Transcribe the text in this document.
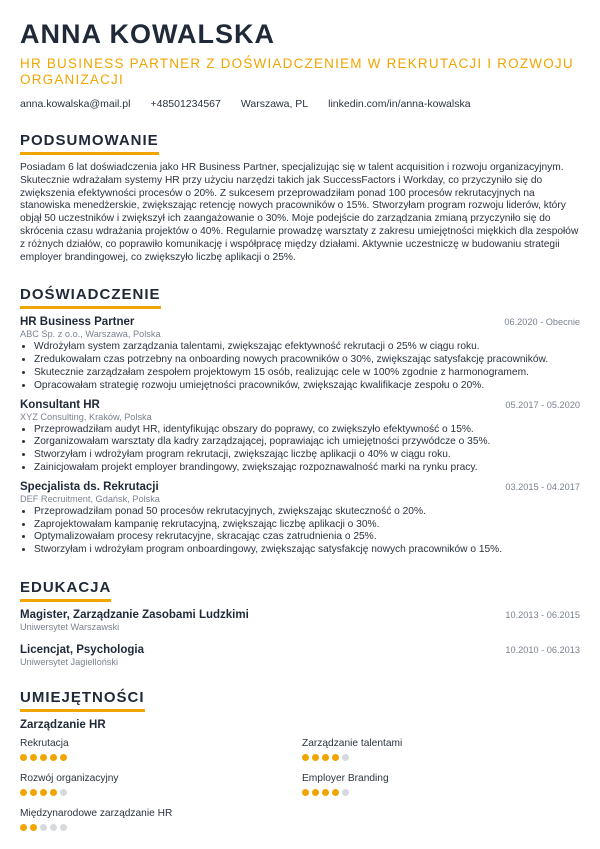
ANNA KOWALSKA
HR BUSINESS PARTNER Z DOŚWIADCZENIEM W REKRUTACJI I ROZWOJU ORGANIZACJI
anna.kowalska@mail.pl +48501234567 Warszawa, PL linkedin.com/in/anna-kowalska
PODSUMOWANIE
Posiadam 6 lat doświadczenia jako HR Business Partner, specjalizując się w talent acquisition i rozwoju organizacyjnym. Skutecznie wdrażałam systemy HR przy użyciu narzędzi takich jak SuccessFactors i Workday, co przyczyniło się do zwiększenia efektywności procesów o 20%. Z sukcesem przeprowadziłam ponad 100 procesów rekrutacyjnych na stanowiska menedżerskie, zwiększając retencję nowych pracowników o 15%. Stworzyłam program rozwoju liderów, który objął 50 uczestników i zwiększył ich zaangażowanie o 30%. Moje podejście do zarządzania zmianą przyczyniło się do skrócenia czasu wdrażania projektów o 40%. Regularnie prowadzę warsztaty z zakresu umiejętności miękkich dla zespołów z różnych działów, co poprawiło komunikację i współpracę między działami. Aktywnie uczestniczę w budowaniu strategii employer brandingowej, co zwiększyło liczbę aplikacji o 25%.
DOŚWIADCZENIE
HR Business Partner	06.2020 - Obecnie
ABC Sp. z o.o., Warszawa, Polska
• Wdrożyłam system zarządzania talentami, zwiększając efektywność rekrutacji o 25% w ciągu roku.
• Zredukowałam czas potrzebny na onboarding nowych pracowników o 30%, zwiększając satysfakcję pracowników.
• Skutecznie zarządzałam zespołem projektowym 15 osób, realizując cele w 100% zgodnie z harmonogramem.
• Opracowałam strategię rozwoju umiejętności pracowników, zwiększając kwalifikacje zespołu o 20%.
Konsultant HR	05.2017 - 05.2020
XYZ Consulting, Kraków, Polska
• Przeprowadziłam audyt HR, identyfikując obszary do poprawy, co zwiększyło efektywność o 15%.
• Zorganizowałam warsztaty dla kadry zarządzającej, poprawiając ich umiejętności przywódcze o 35%.
• Stworzyłam i wdrożyłam program rekrutacji, zwiększając liczbę aplikacji o 40% w ciągu roku.
• Zainicjowałam projekt employer brandingowy, zwiększając rozpoznawalność marki na rynku pracy.
Specjalista ds. Rekrutacji	03.2015 - 04.2017
DEF Recruitment, Gdańsk, Polska
• Przeprowadziłam ponad 50 procesów rekrutacyjnych, zwiększając skuteczność o 20%.
• Zaprojektowałam kampanię rekrutacyjną, zwiększając liczbę aplikacji o 30%.
• Optymalizowałam procesy rekrutacyjne, skracając czas zatrudnienia o 25%.
• Stworzyłam i wdrożyłam program onboardingowy, zwiększając satysfakcję nowych pracowników o 15%.
EDUKACJA
Magister, Zarządzanie Zasobami Ludzkimi	10.2013 - 06.2015
Uniwersytet Warszawski
Licencjat, Psychologia	10.2010 - 06.2013
Uniwersytet Jagielloński
UMIEJĘTNOŚCI
Zarządzanie HR
Rekrutacja	Zarządzanie talentami
Rozwój organizacyjny	Employer Branding
Międzynarodowe zarządzanie HR
